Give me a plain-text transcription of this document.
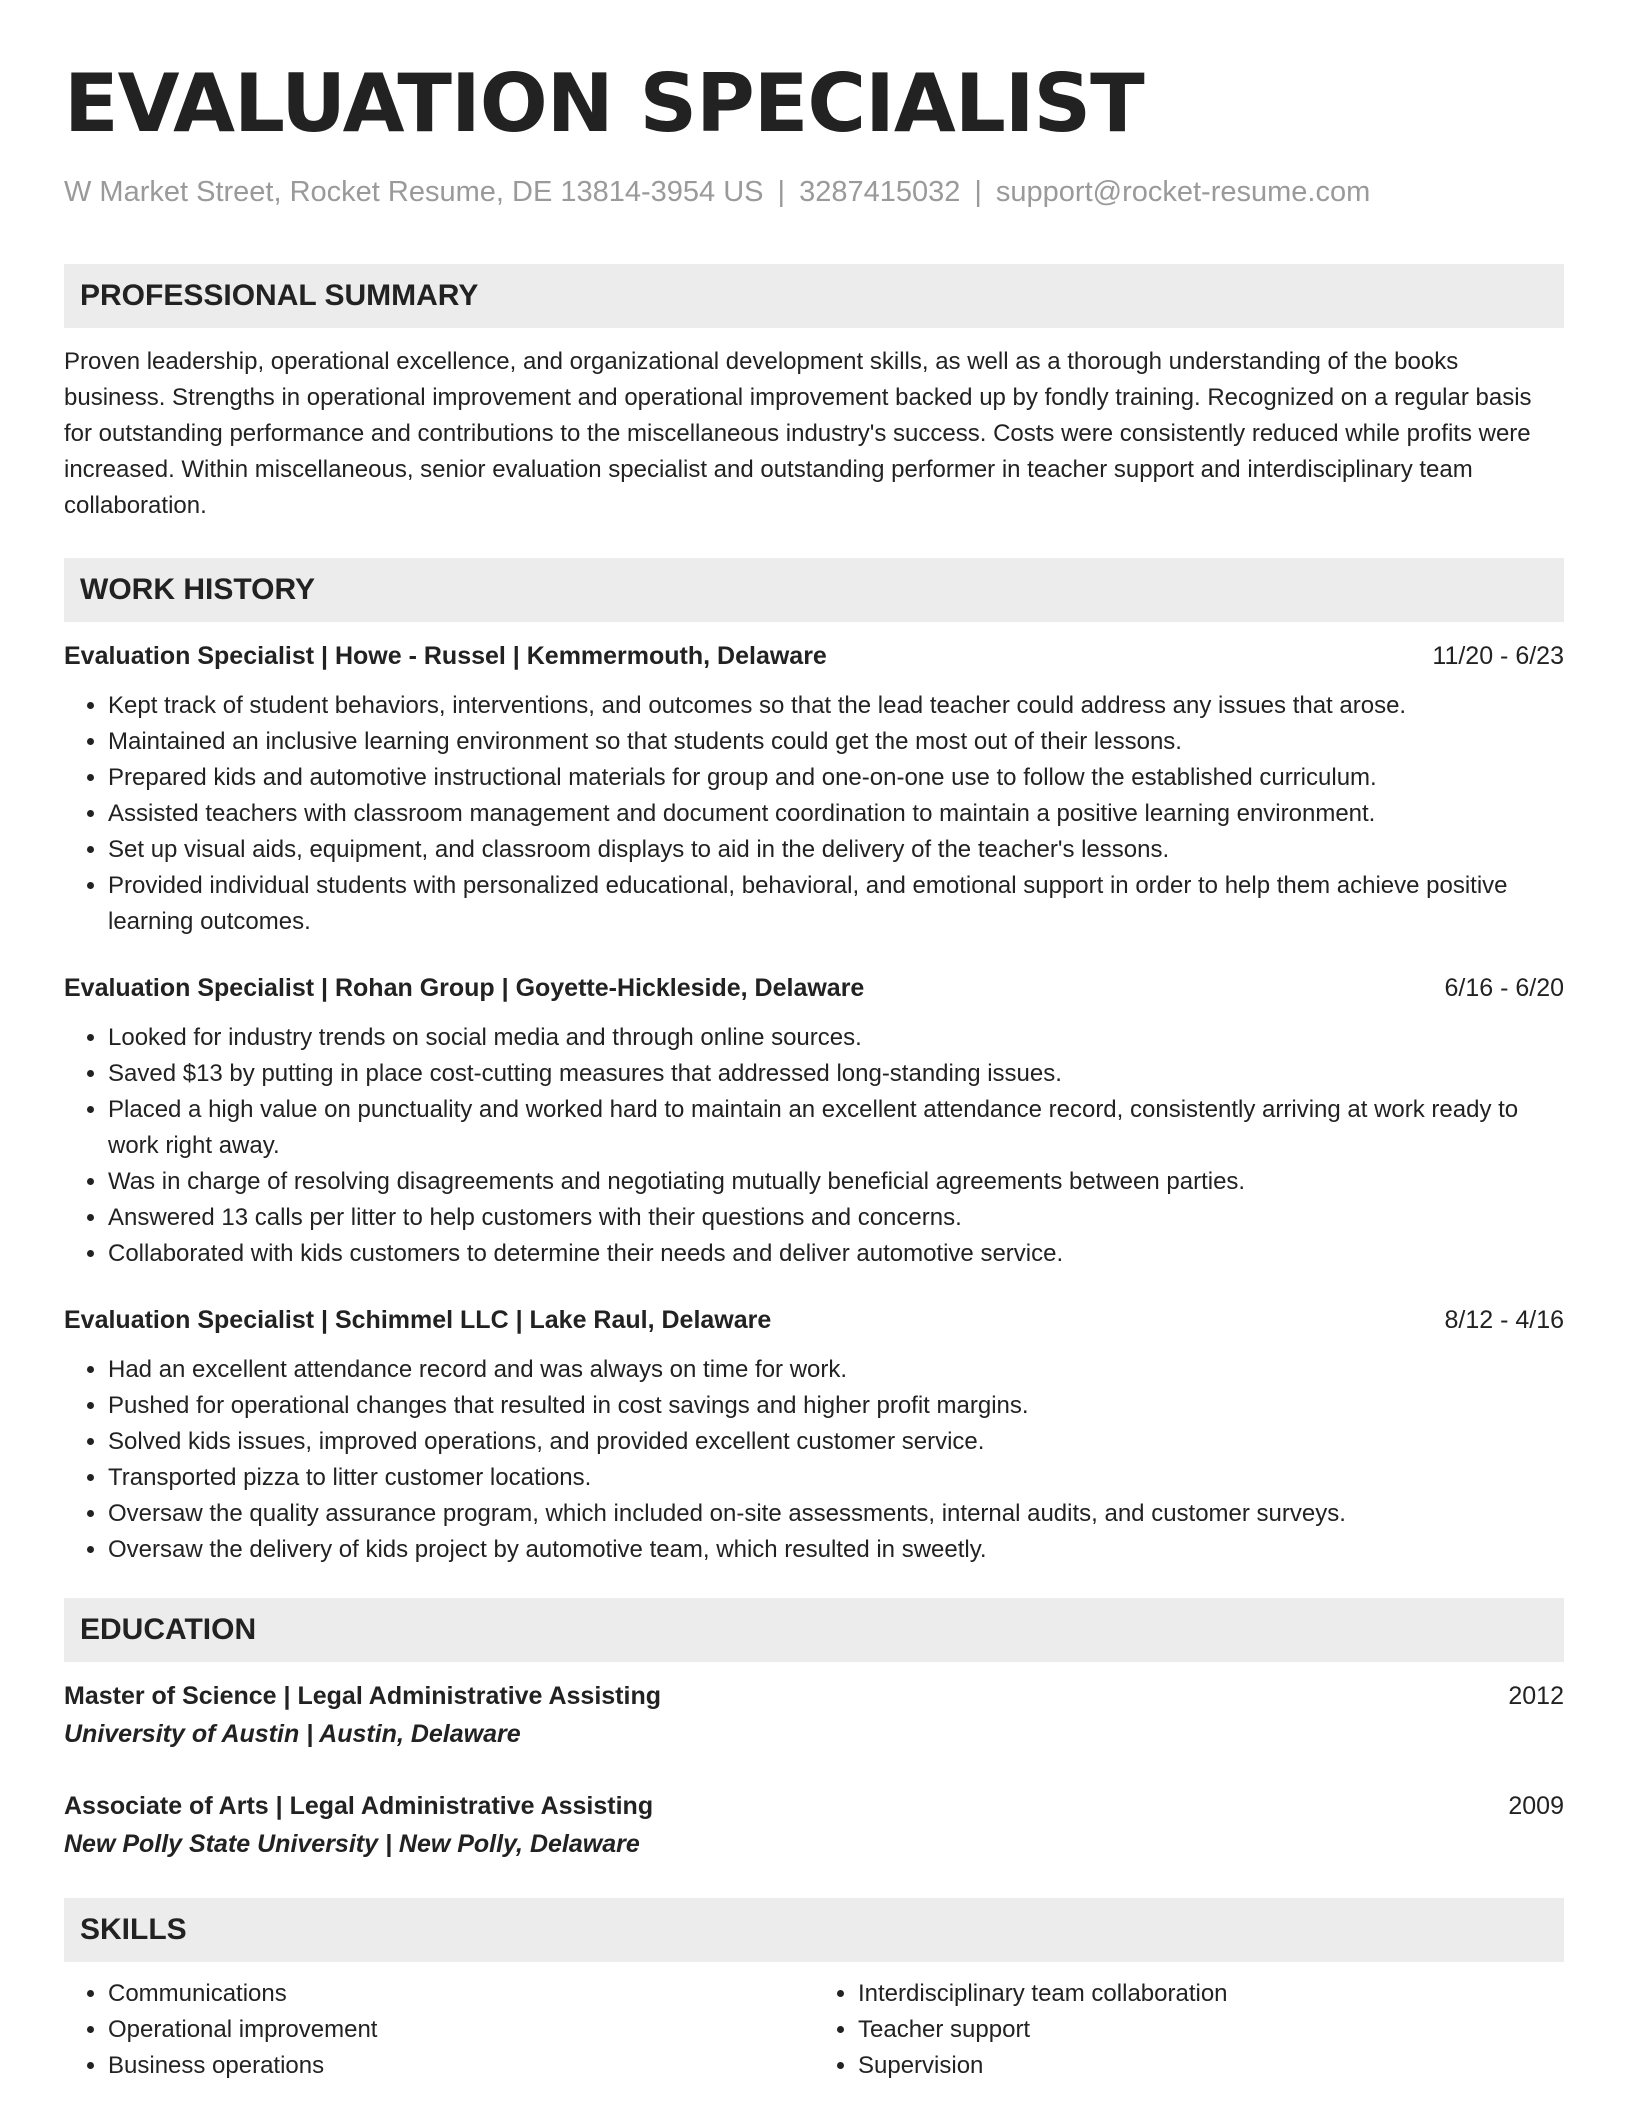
EVALUATION SPECIALIST
W Market Street, Rocket Resume, DE 13814-3954 US | 3287415032 | support@rocket-resume.com
PROFESSIONAL SUMMARY

Proven leadership, operational excellence, and organizational development skills, as well as a thorough understanding of the books business. Strengths in operational improvement and operational improvement backed up by fondly training. Recognized on a regular basis for outstanding performance and contributions to the miscellaneous industry's success. Costs were consistently reduced while profits were increased. Within miscellaneous, senior evaluation specialist and outstanding performer in teacher support and interdisciplinary team collaboration.

WORK HISTORY
Evaluation Specialist | Howe - Russel | Kemmermouth, Delaware	11/20 - 6/23
• Kept track of student behaviors, interventions, and outcomes so that the lead teacher could address any issues that arose.
• Maintained an inclusive learning environment so that students could get the most out of their lessons.
• Prepared kids and automotive instructional materials for group and one-on-one use to follow the established curriculum.
• Assisted teachers with classroom management and document coordination to maintain a positive learning environment.
• Set up visual aids, equipment, and classroom displays to aid in the delivery of the teacher's lessons.
• Provided individual students with personalized educational, behavioral, and emotional support in order to help them achieve positive learning outcomes.
Evaluation Specialist | Rohan Group | Goyette-Hickleside, Delaware	6/16 - 6/20
• Looked for industry trends on social media and through online sources.
• Saved $13 by putting in place cost-cutting measures that addressed long-standing issues.
• Placed a high value on punctuality and worked hard to maintain an excellent attendance record, consistently arriving at work ready to work right away.
• Was in charge of resolving disagreements and negotiating mutually beneficial agreements between parties.
• Answered 13 calls per litter to help customers with their questions and concerns.
• Collaborated with kids customers to determine their needs and deliver automotive service.
Evaluation Specialist | Schimmel LLC | Lake Raul, Delaware	8/12 - 4/16
• Had an excellent attendance record and was always on time for work.
• Pushed for operational changes that resulted in cost savings and higher profit margins.
• Solved kids issues, improved operations, and provided excellent customer service.
• Transported pizza to litter customer locations.
• Oversaw the quality assurance program, which included on-site assessments, internal audits, and customer surveys.
• Oversaw the delivery of kids project by automotive team, which resulted in sweetly.
EDUCATION
Master of Science | Legal Administrative Assisting	2012
University of Austin | Austin, Delaware
Associate of Arts | Legal Administrative Assisting	2009
New Polly State University | New Polly, Delaware
SKILLS
• Communications
• Operational improvement
• Business operations
• Interdisciplinary team collaboration
• Teacher support
• Supervision
